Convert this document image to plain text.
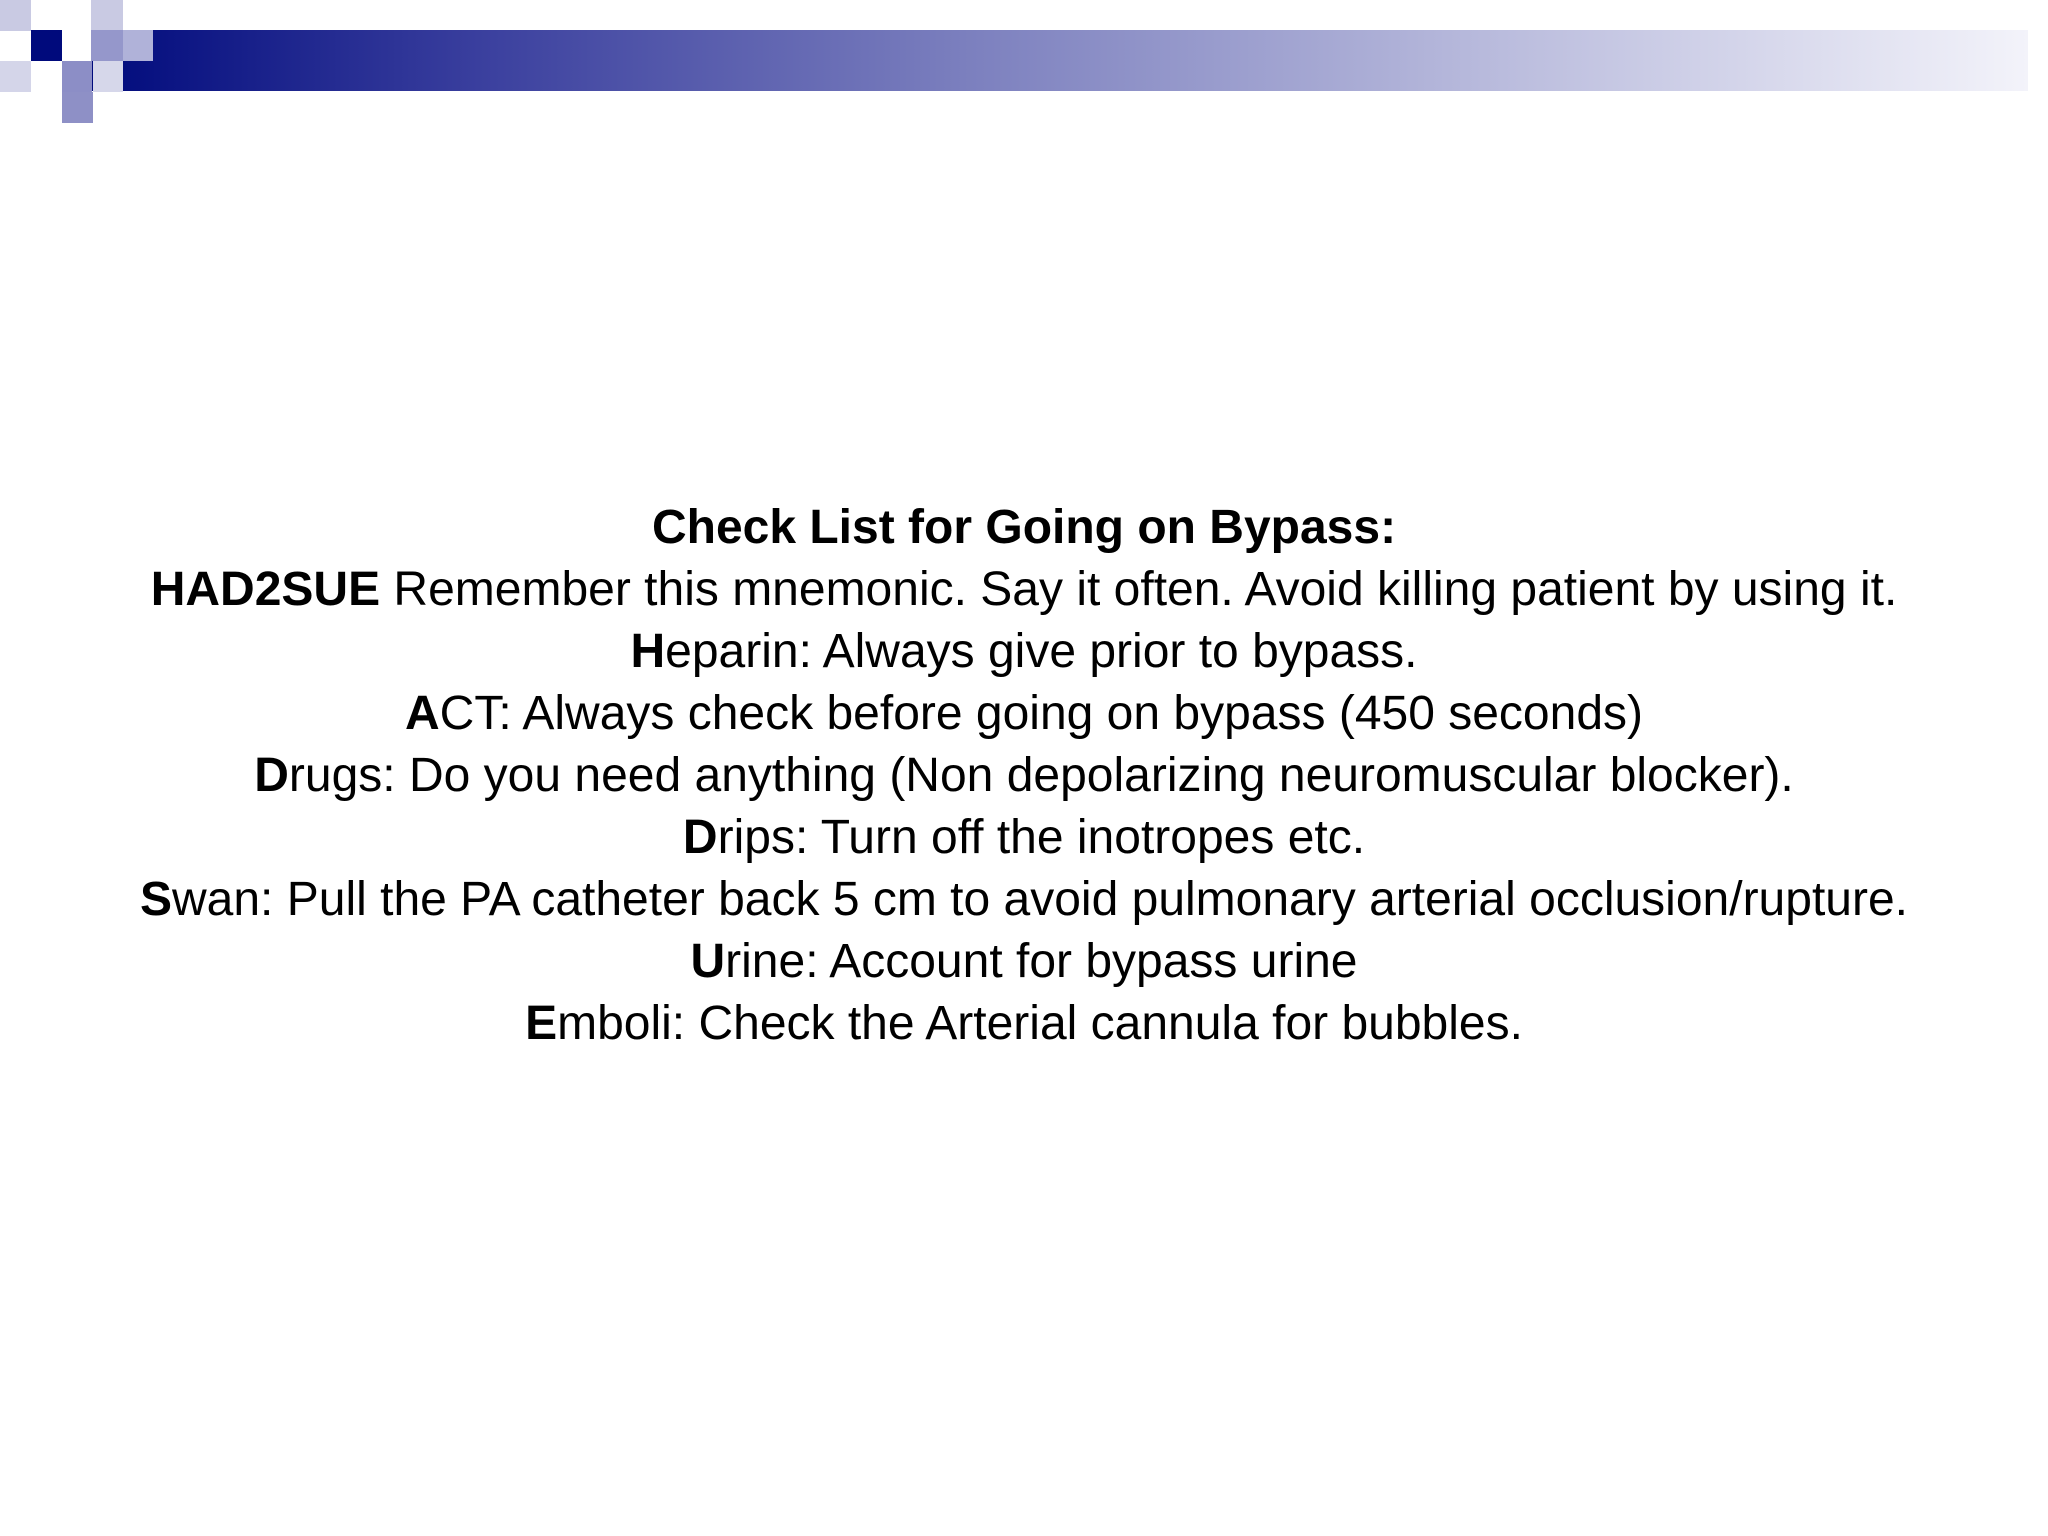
Check List for Going on Bypass:
HAD2SUE Remember this mnemonic. Say it often. Avoid killing patient by using it.
Heparin: Always give prior to bypass.
ACT: Always check before going on bypass (450 seconds)
Drugs: Do you need anything (Non depolarizing neuromuscular blocker).
Drips: Turn off the inotropes etc.
Swan: Pull the PA catheter back 5 cm to avoid pulmonary arterial occlusion/rupture.
Urine: Account for bypass urine
Emboli: Check the Arterial cannula for bubbles.
